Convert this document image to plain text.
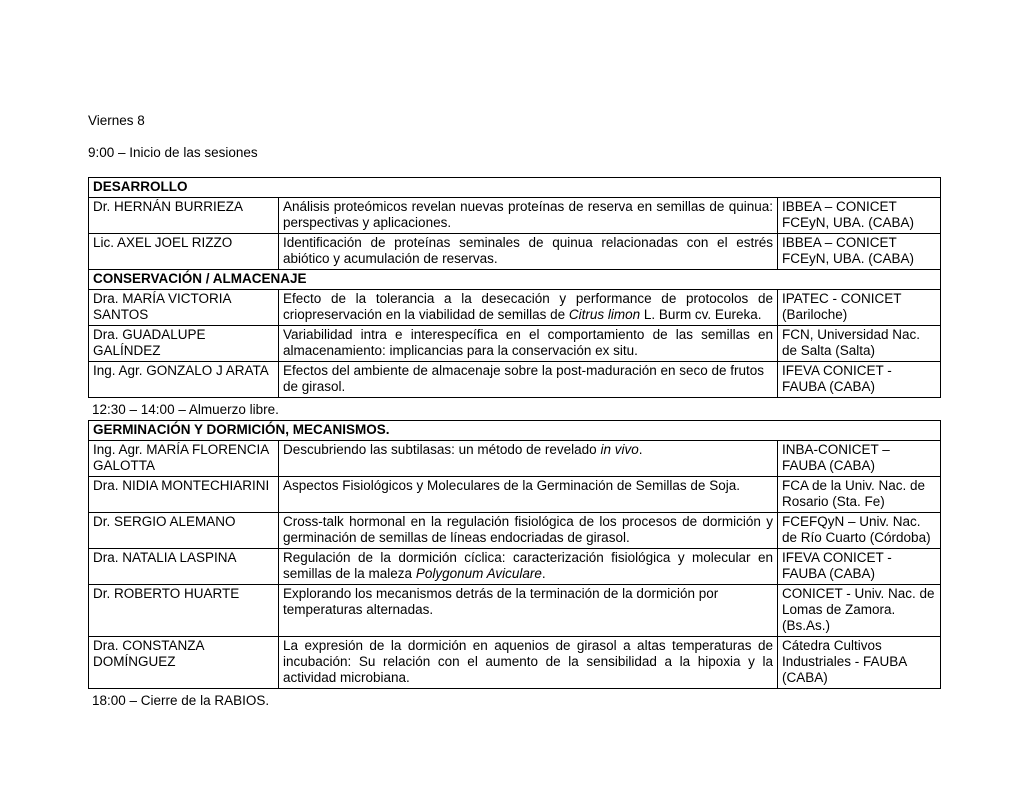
Viernes 8

9:00 – Inicio de las sesiones

DESARROLLO		
Dr. HERNÁN BURRIEZA	Análisis proteómicos revelan nuevas proteínas de reserva en semillas de quinua: perspectivas y aplicaciones.	IBBEA – CONICET FCEyN, UBA. (CABA)
Lic. AXEL JOEL RIZZO	Identificación de proteínas seminales de quinua relacionadas con el estrés abiótico y acumulación de reservas.	IBBEA – CONICET FCEyN, UBA. (CABA)
CONSERVACIÓN / ALMACENAJE		
Dra. MARÍA VICTORIA SANTOS	Efecto de la tolerancia a la desecación y performance de protocolos de criopreservación en la viabilidad de semillas de Citrus limon L. Burm cv. Eureka.	IPATEC - CONICET (Bariloche)
Dra. GUADALUPE GALÍNDEZ	Variabilidad intra e interespecífica en el comportamiento de las semillas en almacenamiento: implicancias para la conservación ex situ.	FCN, Universidad Nac. de Salta (Salta)
Ing. Agr. GONZALO J ARATA	Efectos del ambiente de almacenaje sobre la post-maduración en seco de frutos de girasol.	IFEVA CONICET - FAUBA (CABA)

12:30 – 14:00 – Almuerzo libre.

GERMINACIÓN Y DORMICIÓN, MECANISMOS.		
Ing. Agr. MARÍA FLORENCIA GALOTTA	Descubriendo las subtilasas: un método de revelado in vivo.	INBA-CONICET – FAUBA (CABA)
Dra. NIDIA MONTECHIARINI	Aspectos Fisiológicos y Moleculares de la Germinación de Semillas de Soja.	FCA de la Univ. Nac. de Rosario (Sta. Fe)
Dr. SERGIO ALEMANO	Cross-talk hormonal en la regulación fisiológica de los procesos de dormición y germinación de semillas de líneas endocriadas de girasol.	FCEFQyN – Univ. Nac. de Río Cuarto (Córdoba)
Dra. NATALIA LASPINA	Regulación de la dormición cíclica: caracterización fisiológica y molecular en semillas de la maleza Polygonum Aviculare.	IFEVA CONICET - FAUBA (CABA)
Dr. ROBERTO HUARTE	Explorando los mecanismos detrás de la terminación de la dormición por temperaturas alternadas.	CONICET - Univ. Nac. de Lomas de Zamora. (Bs.As.)
Dra. CONSTANZA DOMÍNGUEZ	La expresión de la dormición en aquenios de girasol a altas temperaturas de incubación: Su relación con el aumento de la sensibilidad a la hipoxia y la actividad microbiana.	Cátedra Cultivos Industriales - FAUBA (CABA)

18:00 – Cierre de la RABIOS.
